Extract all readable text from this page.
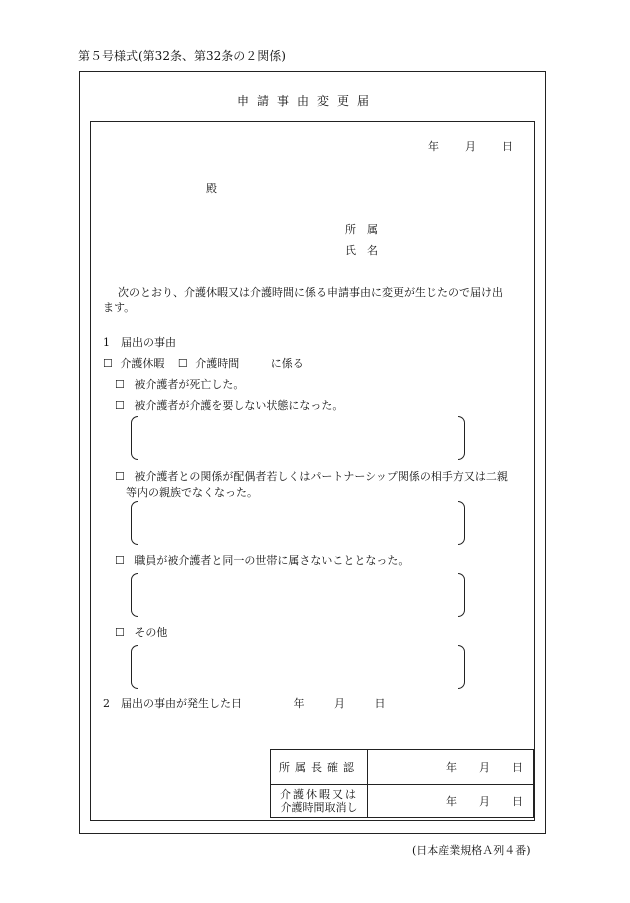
第５号様式(第32条、第32条の２関係)
申請事由変更届
年 月 日
殿
所　属
氏　名
次のとおり、介護休暇又は介護時間に係る申請事由に変更が生じたので届け出
ます。
1　届出の事由
☐ 介護休暇 ☐ 介護時間	に係る
☐ 被介護者が死亡した。
☐ 被介護者が介護を要しない状態になった。
☐ 被介護者との関係が配偶者若しくはパートナーシップ関係の相手方又は二親
等内の親族でなくなった。
☐ 職員が被介護者と同一の世帯に属さないこととなった。
☐ その他
2　届出の事由が発生した日	年	月	日
所属長確認	年 月 日

介護休暇又は
介護時間取消し	年 月 日
(日本産業規格Ａ列４番)
